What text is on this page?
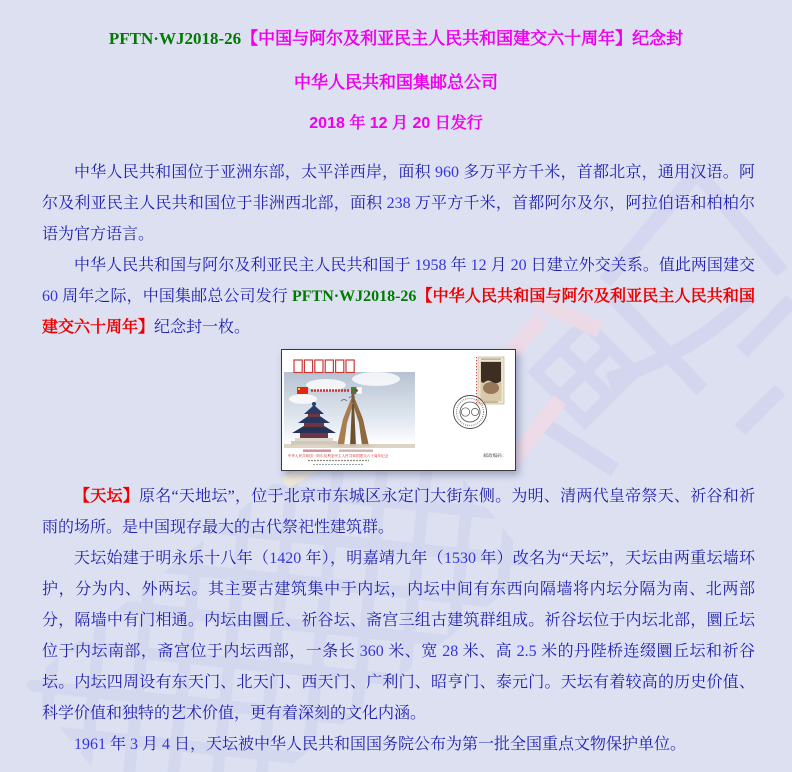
PFTN·WJ2018-26【中国与阿尔及利亚民主人民共和国建交六十周年】纪念封
中华人民共和国集邮总公司
2018 年 12 月 20 日发行

中华人民共和国位于亚洲东部，太平洋西岸，面积 960 多万平方千米，首都北京，通用汉语。阿尔及利亚民主人民共和国位于非洲西北部，面积 238 万平方千米，首都阿尔及尔，阿拉伯语和柏柏尔语为官方语言。

中华人民共和国与阿尔及利亚民主人民共和国于 1958 年 12 月 20 日建立外交关系。值此两国建交 60 周年之际，中国集邮总公司发行 PFTN·WJ2018-26【中华人民共和国与阿尔及利亚民主人民共和国建交六十周年】纪念封一枚。

中华人民共和国－阿尔及利亚民主人民共和国建交六十周年纪念	邮政编码：

【天坛】原名“天地坛”，位于北京市东城区永定门大街东侧。为明、清两代皇帝祭天、祈谷和祈雨的场所。是中国现存最大的古代祭祀性建筑群。

天坛始建于明永乐十八年（1420 年），明嘉靖九年（1530 年）改名为“天坛”，天坛由两重坛墙环护，分为内、外两坛。其主要古建筑集中于内坛，内坛中间有东西向隔墙将内坛分隔为南、北两部分，隔墙中有门相通。内坛由圜丘、祈谷坛、斋宫三组古建筑群组成。祈谷坛位于内坛北部，圜丘坛位于内坛南部，斋宫位于内坛西部，一条长 360 米、宽 28 米、高 2.5 米的丹陛桥连缀圜丘坛和祈谷坛。内坛四周设有东天门、北天门、西天门、广利门、昭亨门、泰元门。天坛有着较高的历史价值、科学价值和独特的艺术价值，更有着深刻的文化内涵。

1961 年 3 月 4 日，天坛被中华人民共和国国务院公布为第一批全国重点文物保护单位。
